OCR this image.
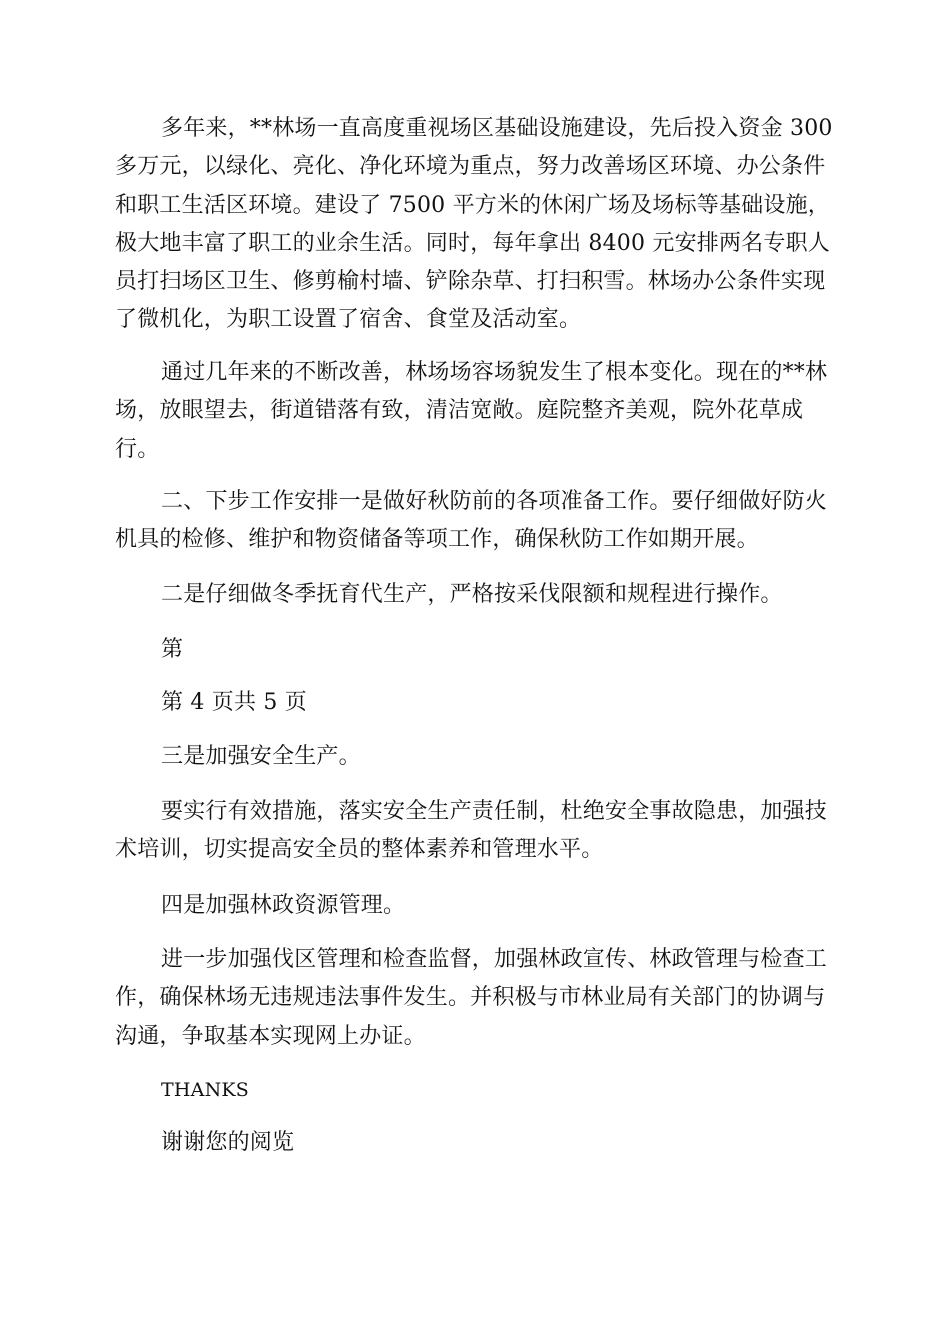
多年来，**林场一直高度重视场区基础设施建设，先后投入资金 300 多万元，以绿化、亮化、净化环境为重点，努力改善场区环境、办公条件和职工生活区环境。建设了 7500 平方米的休闲广场及场标等基础设施，极大地丰富了职工的业余生活。同时，每年拿出 8400 元安排两名专职人员打扫场区卫生、修剪榆村墙、铲除杂草、打扫积雪。林场办公条件实现了微机化，为职工设置了宿舍、食堂及活动室。

通过几年来的不断改善，林场场容场貌发生了根本变化。现在的**林场，放眼望去，街道错落有致，清洁宽敞。庭院整齐美观，院外花草成行。

二、下步工作安排一是做好秋防前的各项准备工作。要仔细做好防火机具的检修、维护和物资储备等项工作，确保秋防工作如期开展。

二是仔细做冬季抚育代生产，严格按采伐限额和规程进行操作。

第

第 4 页共 5 页

三是加强安全生产。

要实行有效措施，落实安全生产责任制，杜绝安全事故隐患，加强技术培训，切实提高安全员的整体素养和管理水平。

四是加强林政资源管理。

进一步加强伐区管理和检查监督，加强林政宣传、林政管理与检查工作，确保林场无违规违法事件发生。并积极与市林业局有关部门的协调与沟通，争取基本实现网上办证。

THANKS

谢谢您的阅览
